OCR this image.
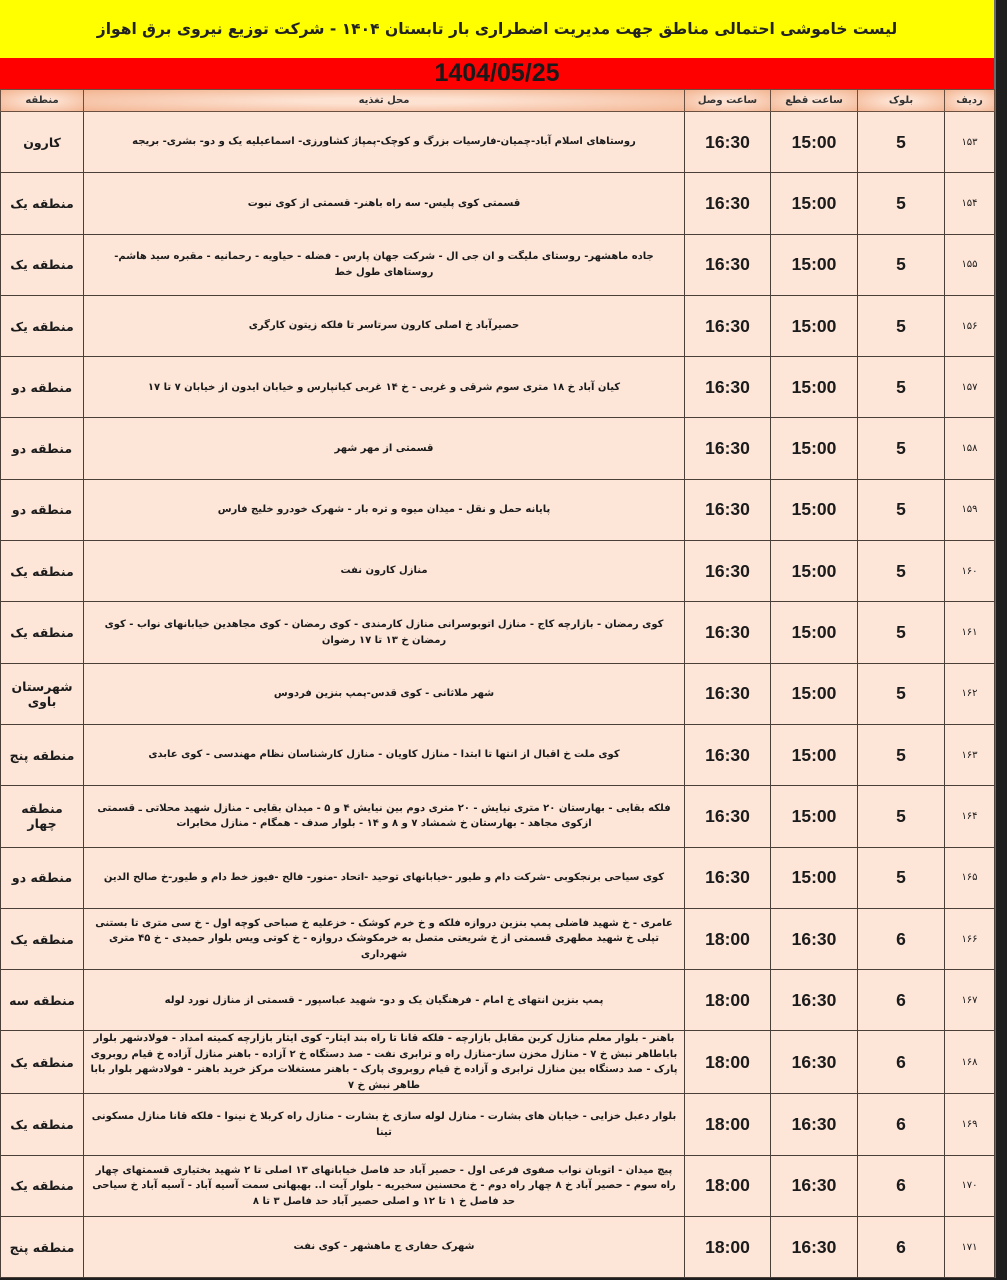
لیست خاموشی احتمالی مناطق جهت مدیریت اضطراری بار تابستان ۱۴۰۴ - شرکت توزیع نیروی برق اهواز
1404/05/25
منطقه	محل تغذیه	ساعت وصل	ساعت قطع	بلوک	ردیف
کارون	روستاهای اسلام آباد-چمیان-فارسیات بزرگ و کوچک-پمپاژ کشاورزی- اسماعیلیه یک و دو- بشری- بریجه	16:30	15:00	5	۱۵۳
منطقه یک	قسمتی کوی پلیس- سه راه باهنر- قسمتی از کوی نبوت	16:30	15:00	5	۱۵۴
منطقه یک	جاده ماهشهر- روستای ملیگت و ان جی ال - شرکت جهان پارس - فضله - حیاویه - رحمانیه - مقبره سید هاشم- روستاهای طول خط	16:30	15:00	5	۱۵۵
منطقه یک	حصیرآباد خ اصلی کارون سرتاسر تا فلکه زیتون کارگری	16:30	15:00	5	۱۵۶
منطقه دو	کیان آباد خ ۱۸ متری سوم شرقی و غربی - خ ۱۴ غربی کیانپارس و خیابان ایدون از خیابان ۷ تا ۱۷	16:30	15:00	5	۱۵۷
منطقه دو	قسمتی از مهر شهر	16:30	15:00	5	۱۵۸
منطقه دو	پایانه حمل و نقل - میدان میوه و تره بار - شهرک خودرو خلیج فارس	16:30	15:00	5	۱۵۹
منطقه یک	منازل کارون نفت	16:30	15:00	5	۱۶۰
منطقه یک	کوی رمضان - بازارچه کاج - منازل اتوبوسرانی منازل کارمندی - کوی رمضان - کوی مجاهدین خیابانهای نواب - کوی رمضان خ ۱۳ تا ۱۷ رضوان	16:30	15:00	5	۱۶۱
شهرستان باوی	شهر ملاثانی - کوی قدس-پمپ بنزین فردوس	16:30	15:00	5	۱۶۲
منطقه پنج	کوی ملت خ اقبال از انتها تا ابتدا - منازل کاویان - منازل کارشناسان نظام مهندسی - کوی عابدی	16:30	15:00	5	۱۶۳
منطقه چهار	فلکه بقایی - بهارستان ۲۰ متری نیایش - ۲۰ متری دوم بین نیایش ۴ و ۵ - میدان بقایی - منازل شهید محلاتی ـ قسمتی ازکوی مجاهد - بهارستان خ شمشاد ۷ و ۸ و ۱۴ - بلوار صدف - همگام - منازل مخابرات	16:30	15:00	5	۱۶۴
منطقه دو	کوی سیاحی برنجکوبی -شرکت دام و طیور -خیابانهای توحید -اتحاد -منور- فالح -فیوز خط دام و طیور-خ صالح الدین	16:30	15:00	5	۱۶۵
منطقه یک	عامری - خ شهید فاضلی پمپ بنزین دروازه فلکه و خ خرم کوشک - خزعلیه خ صباحی کوچه اول - خ سی متری تا بستنی تپلی خ شهید مطهری قسمتی از خ شریعتی متصل به خرمکوشک دروازه - خ کوتی ویس بلوار حمیدی - خ ۴۵ متری شهرداری	18:00	16:30	6	۱۶۶
منطقه سه	پمپ بنزین انتهای خ امام - فرهنگیان یک و دو- شهید عباسپور - قسمتی از منازل نورد لوله	18:00	16:30	6	۱۶۷
منطقه یک	باهنر - بلوار معلم منازل کربن مقابل بازارچه - فلکه قانا تا راه بند ایثار- کوی ایثار بازارچه کمیته امداد - فولادشهر بلوار باباطاهر نبش خ ۷ - منازل مخزن ساز-منازل راه و ترابری نفت - صد دستگاه خ ۲ آزاده - باهنر منازل آزاده خ قیام روبروی پارک - صد دستگاه بین منازل ترابری و آزاده خ قیام روبروی پارک - باهنر مستغلات مرکز خرید باهنر - فولادشهر بلوار بابا طاهر نبش خ ۷	18:00	16:30	6	۱۶۸
منطقه یک	بلوار دعبل خزایی - خیابان های بشارت - منازل لوله سازی خ بشارت - منازل راه کربلا خ نینوا - فلکه قانا منازل مسکونی تینا	18:00	16:30	6	۱۶۹
منطقه یک	پیچ میدان - اتوبان نواب صفوی فرعی اول - حصیر آباد حد فاصل خیابانهای ۱۳ اصلی تا ۲ شهید بختیاری قسمتهای چهار راه سوم - حصیر آباد خ ۸ چهار راه دوم - خ محسنین سخیریه - بلوار آیت ا.. بهبهانی سمت آسیه آباد - آسیه آباد خ سیاحی حد فاصل خ ۱ تا ۱۲ و اصلی حصیر آباد حد فاصل ۳ تا ۸	18:00	16:30	6	۱۷۰
منطقه پنج	شهرک حفاری ج ماهشهر - کوی نفت	18:00	16:30	6	۱۷۱
